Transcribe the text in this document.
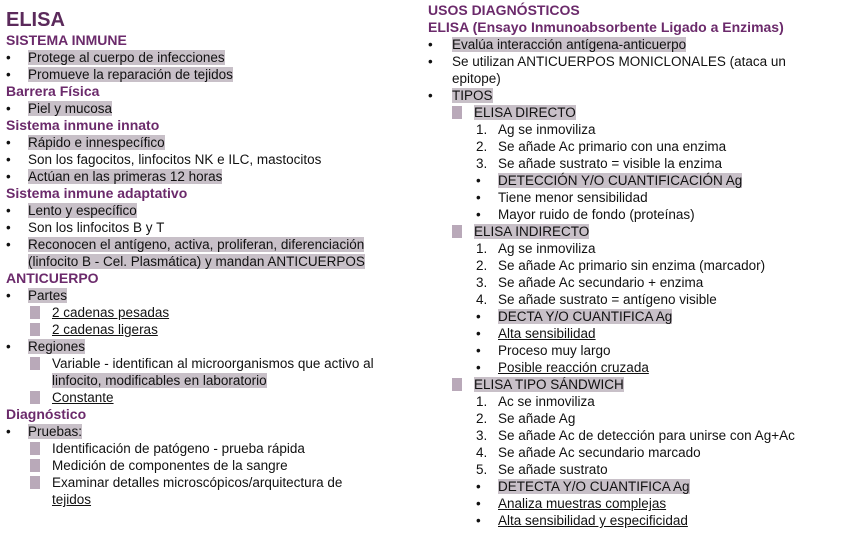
ELISA
SISTEMA INMUNE
• Protege al cuerpo de infecciones
• Promueve la reparación de tejidos
Barrera Física
• Piel y mucosa
Sistema inmune innato
• Rápido e innespecífico
• Son los fagocitos, linfocitos NK e ILC, mastocitos
• Actúan en las primeras 12 horas
Sistema inmune adaptativo
• Lento y específico
• Son los linfocitos B y T
• Reconocen el antígeno, activa, proliferan, diferenciación
(linfocito B - Cel. Plasmática) y mandan ANTICUERPOS
ANTICUERPO
• Partes
2 cadenas pesadas
2 cadenas ligeras
• Regiones
Variable - identifican al microorganismos que activo al
linfocito, modificables en laboratorio
Constante
Diagnóstico
• Pruebas:
Identificación de patógeno - prueba rápida
Medición de componentes de la sangre
Examinar detalles microscópicos/arquitectura de
tejidos
USOS DIAGNÓSTICOS
ELISA (Ensayo Inmunoabsorbente Ligado a Enzimas)
• Evalúa interacción antígena-anticuerpo
• Se utilizan ANTICUERPOS MONICLONALES (ataca un
epitope)
• TIPOS
ELISA DIRECTO
1. Ag se inmoviliza
2. Se añade Ac primario con una enzima
3. Se añade sustrato = visible la enzima
• DETECCIÓN Y/O CUANTIFICACIÓN Ag
• Tiene menor sensibilidad
• Mayor ruido de fondo (proteínas)
ELISA INDIRECTO
1. Ag se inmoviliza
2. Se añade Ac primario sin enzima (marcador)
3. Se añade Ac secundario + enzima
4. Se añade sustrato = antígeno visible
• DECTA Y/O CUANTIFICA Ag
• Alta sensibilidad
• Proceso muy largo
• Posible reacción cruzada
ELISA TIPO SÁNDWICH
1. Ac se inmoviliza
2. Se añade Ag
3. Se añade Ac de detección para unirse con Ag+Ac
4. Se añade Ac secundario marcado
5. Se añade sustrato
• DETECTA Y/O CUANTIFICA Ag
• Analiza muestras complejas
• Alta sensibilidad y especificidad
